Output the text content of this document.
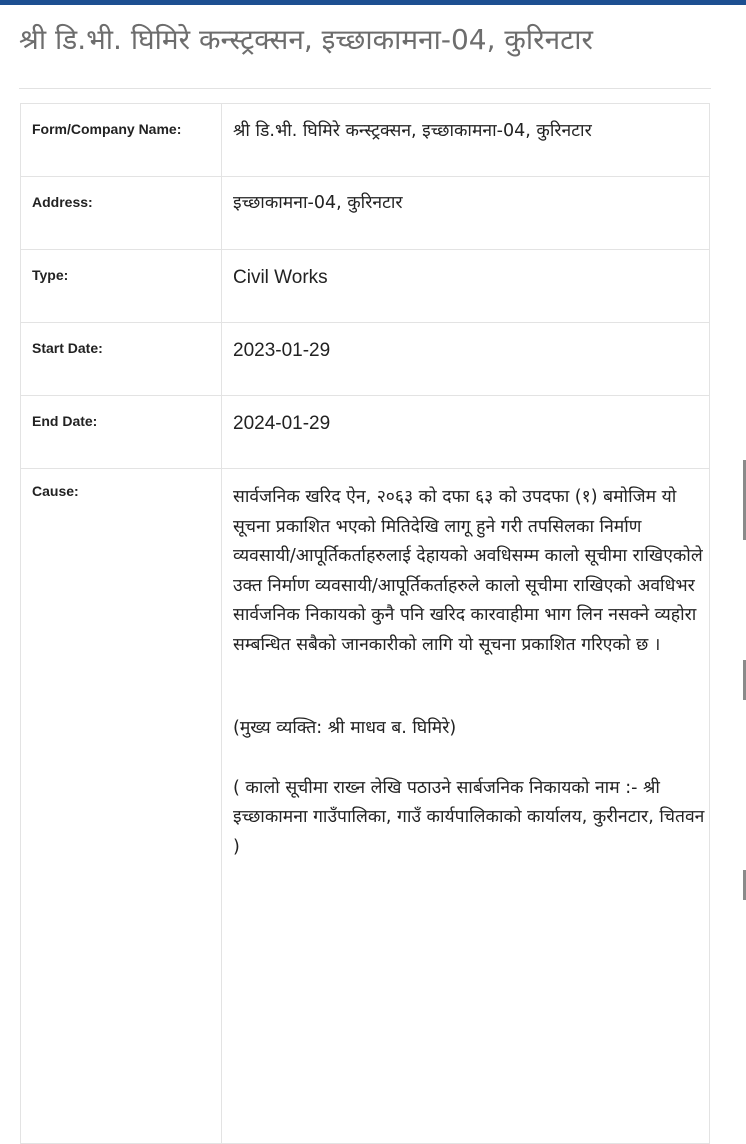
श्री डि.भी. घिमिरे कन्स्ट्रक्सन, इच्छाकामना-04, कुरिनटार
Form/Company Name:	श्री डि.भी. घिमिरे कन्स्ट्रक्सन, इच्छाकामना-04, कुरिनटार
Address:	इच्छाकामना-04, कुरिनटार
Type:	Civil Works
Start Date:	2023-01-29
End Date:	2024-01-29
Cause:	सार्वजनिक खरिद ऐन, २०६३ को दफा ६३ को उपदफा (१) बमोजिम यो सूचना प्रकाशित भएको मितिदेखि लागू हुने गरी तपसिलका निर्माण व्यवसायी/आपूर्तिकर्ताहरुलाई देहायको अवधिसम्म कालो सूचीमा राखिएकोले उक्त निर्माण व्यवसायी/आपूर्तिकर्ताहरुले कालो सूचीमा राखिएको अवधिभर सार्वजनिक निकायको कुनै पनि खरिद कारवाहीमा भाग लिन नसक्ने व्यहोरा सम्बन्धित सबैको जानकारीको लागि यो सूचना प्रकाशित गरिएको छ ।

(मुख्य व्यक्ति: श्री माधव ब. घिमिरे)

( कालो सूचीमा राख्न लेखि पठाउने सार्बजनिक निकायको नाम :- श्री इच्छाकामना गाउँपालिका, गाउँ कार्यपालिकाको कार्यालय, कुरीनटार, चितवन )
